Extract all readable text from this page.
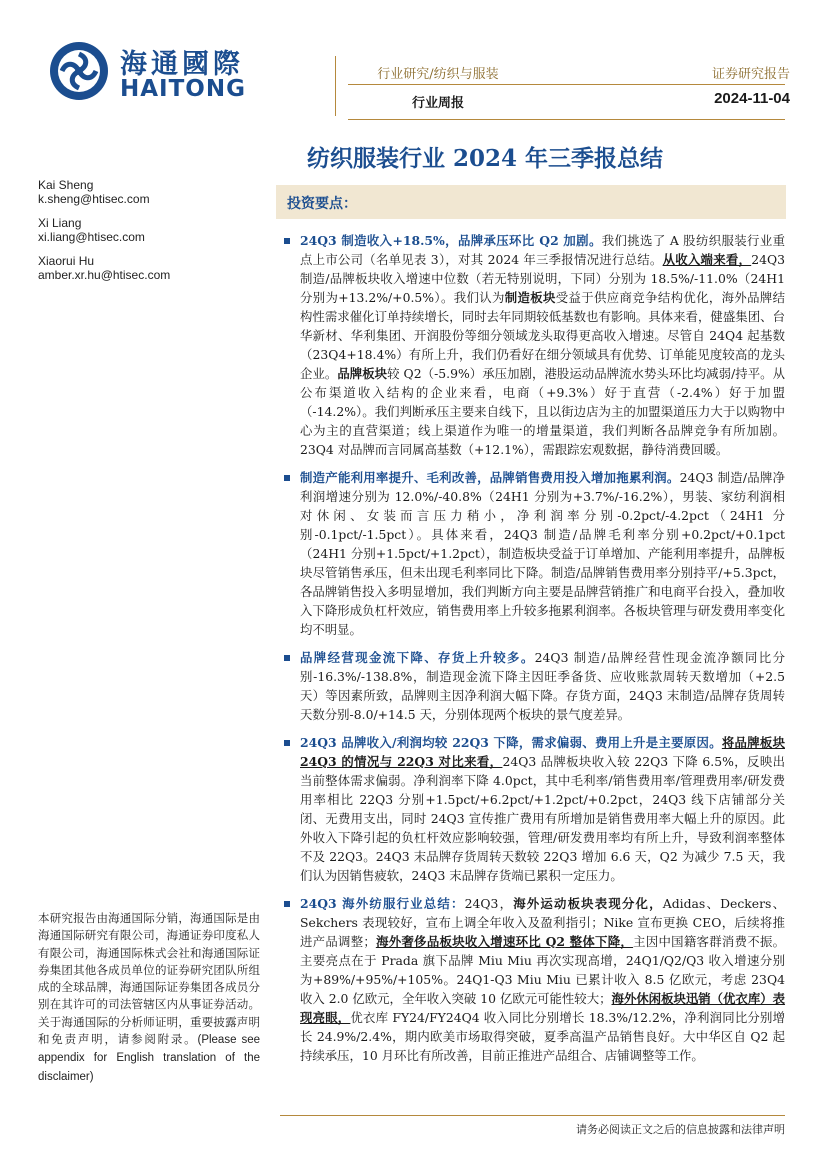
海通國際
HAITONG
行业研究/纺织与服装	证券研究报告
行业周报	2024-11-04
纺织服装行业 2024 年三季报总结
Kai Sheng
k.sheng@htisec.com
Xi Liang
xi.liang@htisec.com
Xiaorui Hu
amber.xr.hu@htisec.com
投资要点：
24Q3 制造收入+18.5%，品牌承压环比 Q2 加剧。我们挑选了 A 股纺织服装行业重点上市公司（名单见表 3），对其 2024 年三季报情况进行总结。从收入端来看，24Q3 制造/品牌板块收入增速中位数（若无特别说明，下同）分别为 18.5%/-11.0%（24H1 分别为+13.2%/+0.5%）。我们认为制造板块受益于供应商竞争结构优化，海外品牌结构性需求催化订单持续增长，同时去年同期较低基数也有影响。具体来看，健盛集团、台华新材、华利集团、开润股份等细分领域龙头取得更高收入增速。尽管自 24Q4 起基数（23Q4+18.4%）有所上升，我们仍看好在细分领域具有优势、订单能见度较高的龙头企业。品牌板块较 Q2（-5.9%）承压加剧，港股运动品牌流水势头环比均减弱/持平。从公布渠道收入结构的企业来看，电商（+9.3%）好于直营（-2.4%）好于加盟（-14.2%）。我们判断承压主要来自线下，且以街边店为主的加盟渠道压力大于以购物中心为主的直营渠道；线上渠道作为唯一的增量渠道，我们判断各品牌竞争有所加剧。23Q4 对品牌而言同属高基数（+12.1%），需跟踪宏观数据，静待消费回暖。
制造产能利用率提升、毛利改善，品牌销售费用投入增加拖累利润。24Q3 制造/品牌净利润增速分别为 12.0%/-40.8%（24H1 分别为+3.7%/-16.2%），男装、家纺利润相对休闲、女装而言压力稍小，净利润率分别-0.2pct/-4.2pct（24H1 分别-0.1pct/-1.5pct）。具体来看，24Q3 制造/品牌毛利率分别+0.2pct/+0.1pct（24H1 分别+1.5pct/+1.2pct），制造板块受益于订单增加、产能利用率提升，品牌板块尽管销售承压，但未出现毛利率同比下降。制造/品牌销售费用率分别持平/+5.3pct，各品牌销售投入多明显增加，我们判断方向主要是品牌营销推广和电商平台投入，叠加收入下降形成负杠杆效应，销售费用率上升较多拖累利润率。各板块管理与研发费用率变化均不明显。
品牌经营现金流下降、存货上升较多。24Q3 制造/品牌经营性现金流净额同比分别-16.3%/-138.8%，制造现金流下降主因旺季备货、应收账款周转天数增加（+2.5 天）等因素所致，品牌则主因净利润大幅下降。存货方面，24Q3 末制造/品牌存货周转天数分别-8.0/+14.5 天，分别体现两个板块的景气度差异。
24Q3 品牌收入/利润均较 22Q3 下降，需求偏弱、费用上升是主要原因。将品牌板块 24Q3 的情况与 22Q3 对比来看，24Q3 品牌板块收入较 22Q3 下降 6.5%，反映出当前整体需求偏弱。净利润率下降 4.0pct，其中毛利率/销售费用率/管理费用率/研发费用率相比 22Q3 分别+1.5pct/+6.2pct/+1.2pct/+0.2pct，24Q3 线下店铺部分关闭、无费用支出，同时 24Q3 宣传推广费用有所增加是销售费用率大幅上升的原因。此外收入下降引起的负杠杆效应影响较强，管理/研发费用率均有所上升，导致利润率整体不及 22Q3。24Q3 末品牌存货周转天数较 22Q3 增加 6.6 天，Q2 为减少 7.5 天，我们认为因销售疲软，24Q3 末品牌存货端已累积一定压力。
24Q3 海外纺服行业总结：24Q3，海外运动板块表现分化，Adidas、Deckers、Sekchers 表现较好，宣布上调全年收入及盈利指引；Nike 宣布更换 CEO，后续将推进产品调整；海外奢侈品板块收入增速环比 Q2 整体下降，主因中国籍客群消费不振。主要亮点在于 Prada 旗下品牌 Miu Miu 再次实现高增，24Q1/Q2/Q3 收入增速分别为+89%/+95%/+105%。24Q1-Q3 Miu Miu 已累计收入 8.5 亿欧元，考虑 23Q4 收入 2.0 亿欧元，全年收入突破 10 亿欧元可能性较大；海外休闲板块迅销（优衣库）表现亮眼，优衣库 FY24/FY24Q4 收入同比分别增长 18.3%/12.2%，净利润同比分别增长 24.9%/2.4%，期内欧美市场取得突破，夏季高温产品销售良好。大中华区自 Q2 起持续承压，10 月环比有所改善，目前正推进产品组合、店铺调整等工作。
本研究报告由海通国际分销，海通国际是由海通国际研究有限公司，海通证券印度私人有限公司，海通国际株式会社和海通国际证券集团其他各成员单位的证券研究团队所组成的全球品牌，海通国际证券集团各成员分别在其许可的司法管辖区内从事证券活动。关于海通国际的分析师证明，重要披露声明和免责声明，请参阅附录。(Please see appendix for English translation of the disclaimer)
请务必阅读正文之后的信息披露和法律声明
